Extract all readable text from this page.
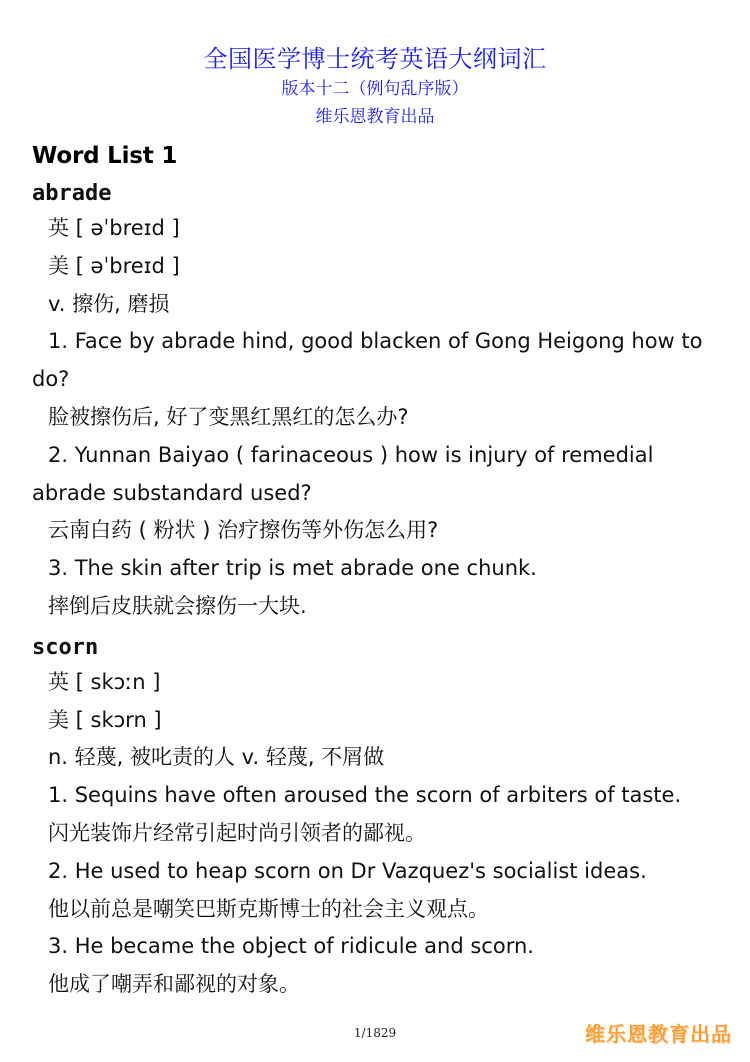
全国医学博士统考英语大纲词汇
版本十二（例句乱序版）
维乐恩教育出品
Word List 1
abrade
英 [ əˈbreɪd ]
美 [ əˈbreɪd ]
v. 擦伤, 磨损
1. Face by abrade hind, good blacken of Gong Heigong how to do?
脸被擦伤后, 好了变黑红黑红的怎么办?
2. Yunnan Baiyao ( farinaceous ) how is injury of remedial abrade substandard used?
云南白药 ( 粉状 ) 治疗擦伤等外伤怎么用?
3. The skin after trip is met abrade one chunk.
摔倒后皮肤就会擦伤一大块.
scorn
英 [ skɔːn ]
美 [ skɔrn ]
n. 轻蔑, 被叱责的人 v. 轻蔑, 不屑做
1. Sequins have often aroused the scorn of arbiters of taste.
闪光装饰片经常引起时尚引领者的鄙视。
2. He used to heap scorn on Dr Vazquez's socialist ideas.
他以前总是嘲笑巴斯克斯博士的社会主义观点。
3. He became the object of ridicule and scorn.
他成了嘲弄和鄙视的对象。
1/1829	维乐恩教育出品
